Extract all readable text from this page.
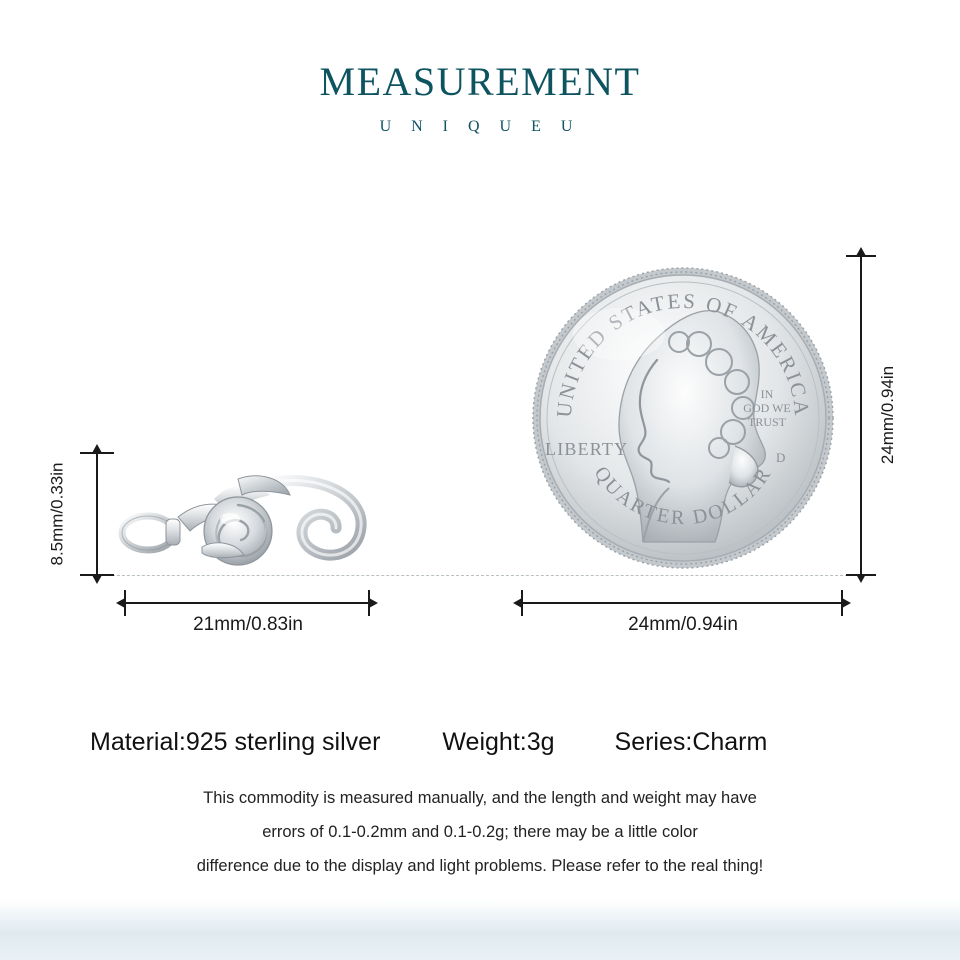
MEASUREMENT
U N I Q U E U
8.5mm/0.33in
21mm/0.83in
UNITED STATES OF AMERICA
QUARTER DOLLAR
LIBERTY
IN
GOD WE
TRUST
D	24mm/0.94in
24mm/0.94in
Material:925 sterling silver Weight:3g Series:Charm
This commodity is measured manually, and the length and weight may have
errors of 0.1-0.2mm and 0.1-0.2g; there may be a little color
difference due to the display and light problems. Please refer to the real thing!
